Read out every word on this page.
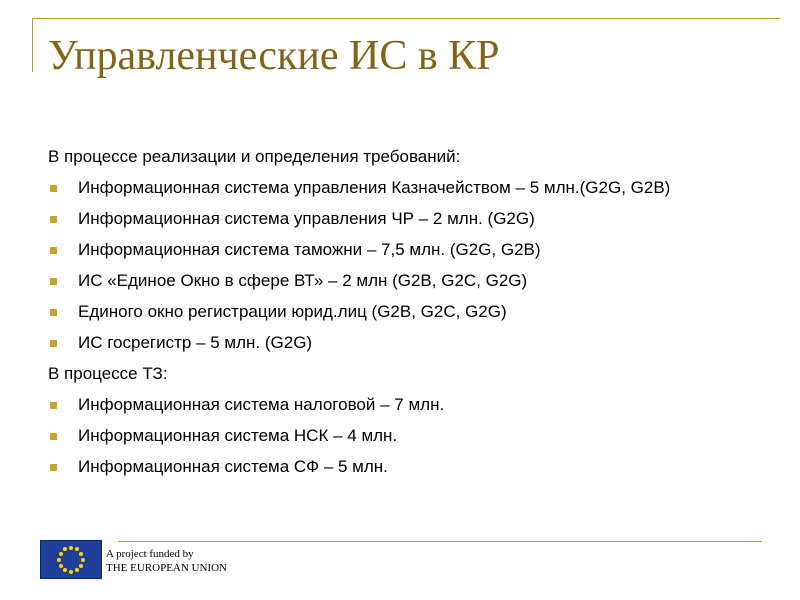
Управленческие ИС в КР

В процессе реализации и определения требований:

Информационная система управления Казначейством – 5 млн.(G2G, G2B)
Информационная система управления ЧР – 2 млн. (G2G)
Информационная система таможни – 7,5 млн. (G2G, G2B)
ИС «Единое Окно в сфере ВТ» – 2 млн (G2B, G2C, G2G)
Единого окно регистрации юрид.лиц (G2B, G2C, G2G)
ИС госрегистр – 5 млн. (G2G)

В процессе ТЗ:

Информационная система налоговой – 7 млн.
Информационная система НСК – 4 млн.
Информационная система СФ – 5 млн.
A project funded by
THE EUROPEAN UNION
